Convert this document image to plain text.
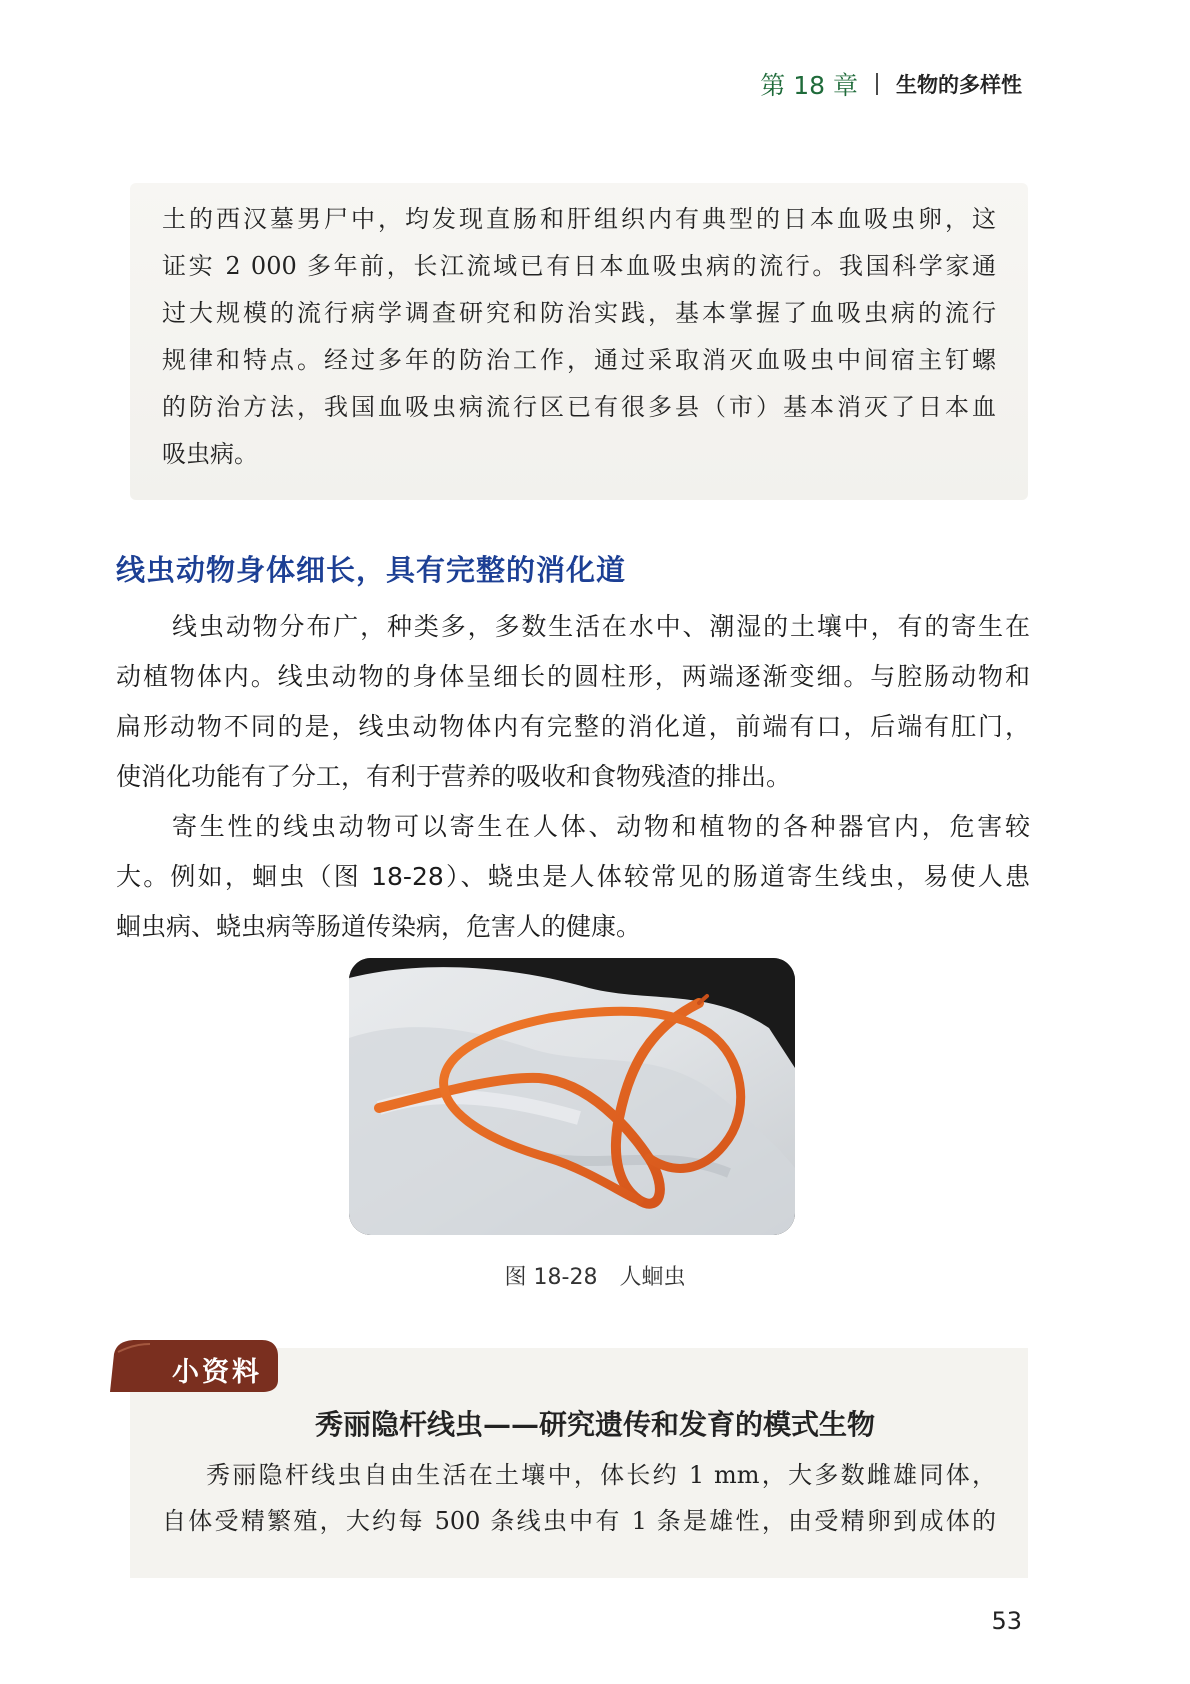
第 18 章 生物的多样性

土的西汉墓男尸中，均发现直肠和肝组织内有典型的日本血吸虫卵，这

证实 2 000 多年前，长江流域已有日本血吸虫病的流行。我国科学家通

过大规模的流行病学调查研究和防治实践，基本掌握了血吸虫病的流行

规律和特点。经过多年的防治工作，通过采取消灭血吸虫中间宿主钉螺

的防治方法，我国血吸虫病流行区已有很多县（市）基本消灭了日本血

吸虫病。

线虫动物身体细长，具有完整的消化道

线虫动物分布广，种类多，多数生活在水中、潮湿的土壤中，有的寄生在

动植物体内。线虫动物的身体呈细长的圆柱形，两端逐渐变细。与腔肠动物和

扁形动物不同的是，线虫动物体内有完整的消化道，前端有口，后端有肛门，

使消化功能有了分工，有利于营养的吸收和食物残渣的排出。

寄生性的线虫动物可以寄生在人体、动物和植物的各种器官内，危害较

大。例如，蛔虫（图 18-28）、蛲虫是人体较常见的肠道寄生线虫，易使人患

蛔虫病、蛲虫病等肠道传染病，危害人的健康。

图 18-28 人蛔虫

小资料

秀丽隐杆线虫——研究遗传和发育的模式生物

秀丽隐杆线虫自由生活在土壤中，体长约 1 mm，大多数雌雄同体，

自体受精繁殖，大约每 500 条线虫中有 1 条是雄性，由受精卵到成体的

53
